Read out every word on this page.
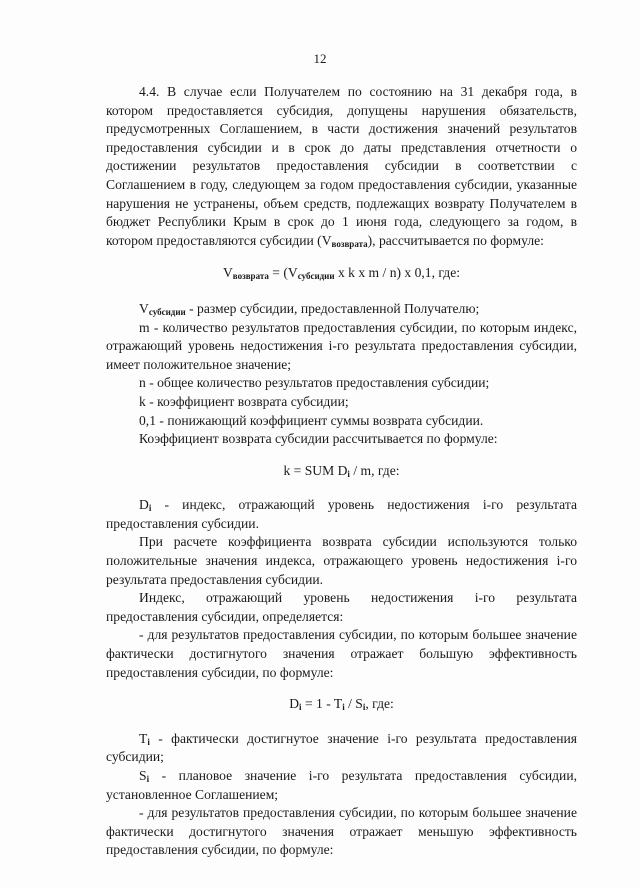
12

4.4. В случае если Получателем по состоянию на 31 декабря года, в котором предоставляется субсидия, допущены нарушения обязательств, предусмотренных Соглашением, в части достижения значений результатов предоставления субсидии и в срок до даты представления отчетности о достижении результатов предоставления субсидии в соответствии с Соглашением в году, следующем за годом предоставления субсидии, указанные нарушения не устранены, объем средств, подлежащих возврату Получателем в бюджет Республики Крым в срок до 1 июня года, следующего за годом, в котором предоставляются субсидии $(V_{возврата})$, рассчитывается по формуле:

$V_{возврата} = (V_{субсидии}$ x k x m / n) x 0,1, где:

$V_{субсидии}$ - размер субсидии, предоставленной Получателю;

m - количество результатов предоставления субсидии, по которым индекс, отражающий уровень недостижения i-го результата предоставления субсидии, имеет положительное значение;

n - общее количество результатов предоставления субсидии;

k - коэффициент возврата субсидии;

0,1 - понижающий коэффициент суммы возврата субсидии.

Коэффициент возврата субсидии рассчитывается по формуле:

k = SUM $D_i$ / m, где:

$D_i$ - индекс, отражающий уровень недостижения i-го результата предоставления субсидии.

При расчете коэффициента возврата субсидии используются только положительные значения индекса, отражающего уровень недостижения i-го результата предоставления субсидии.

Индекс, отражающий уровень недостижения i-го результата предоставления субсидии, определяется:

- для результатов предоставления субсидии, по которым большее значение фактически достигнутого значения отражает большую эффективность предоставления субсидии, по формуле:

$D_i = 1 - T_i / S_i$, где:

$T_i$ - фактически достигнутое значение i-го результата предоставления субсидии;

$S_i$ - плановое значение i-го результата предоставления субсидии, установленное Соглашением;

- для результатов предоставления субсидии, по которым большее значение фактически достигнутого значения отражает меньшую эффективность предоставления субсидии, по формуле:
